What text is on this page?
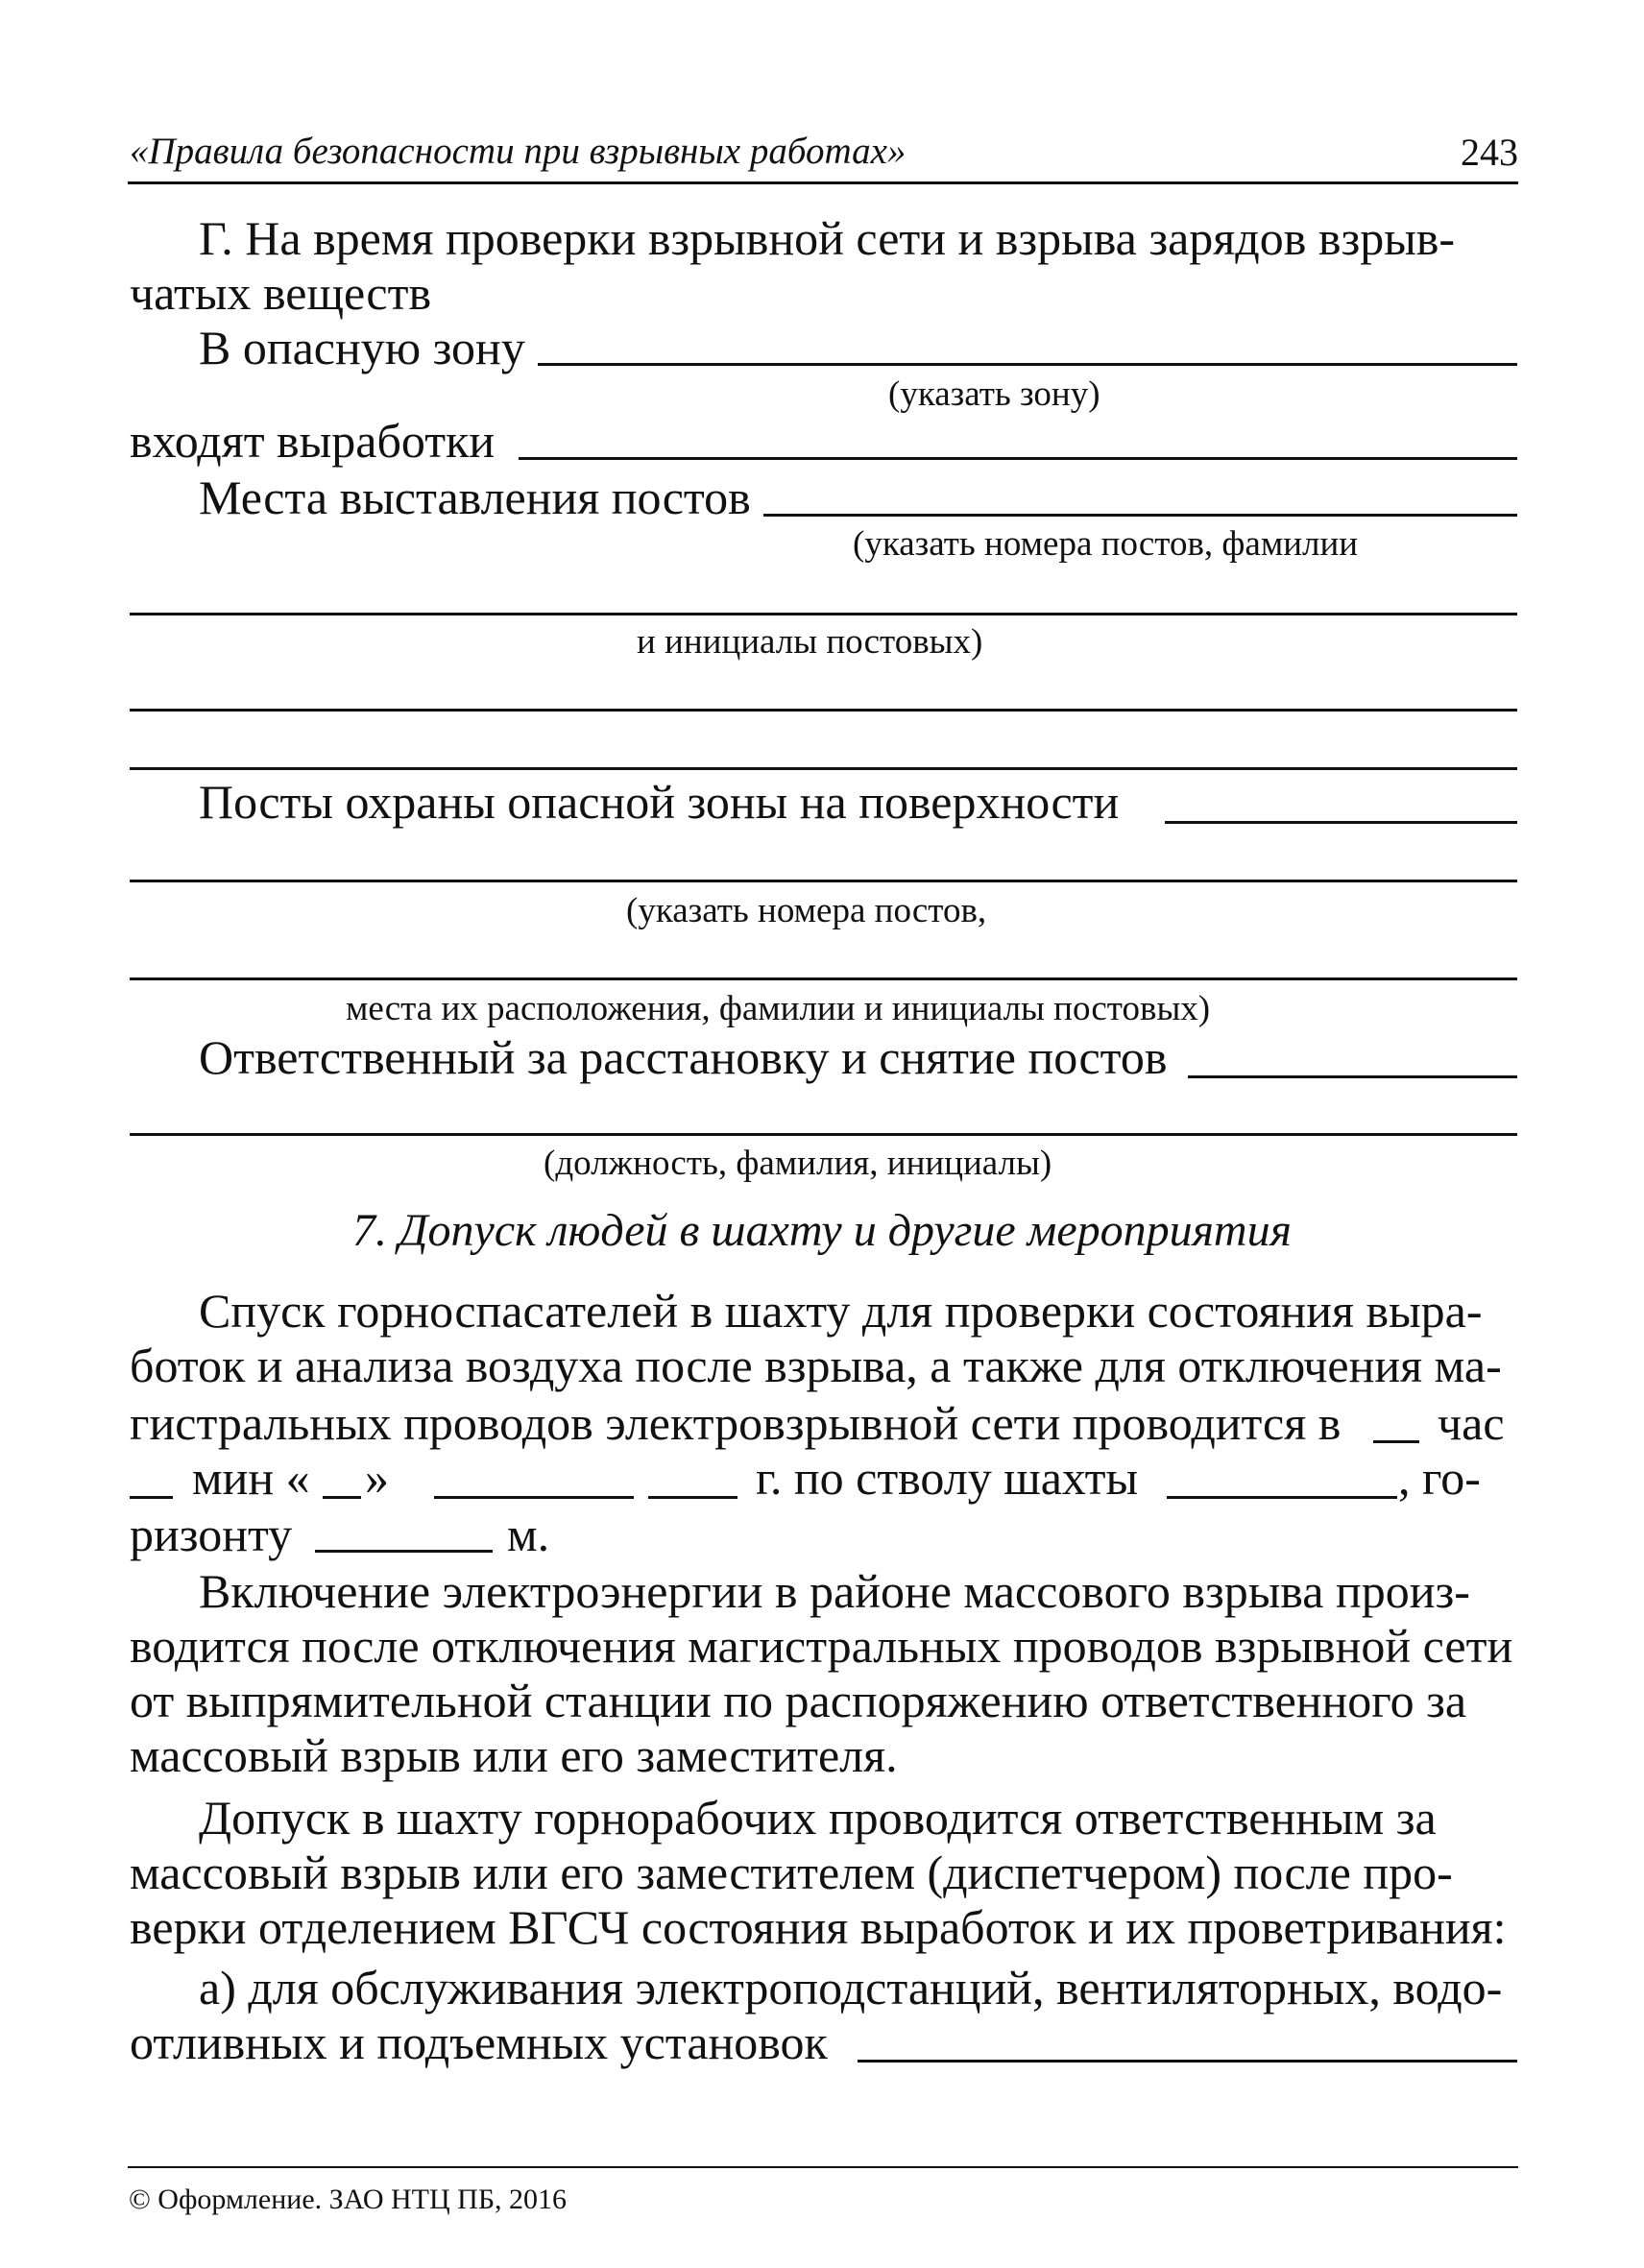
«Правила безопасности при взрывных работах»	243
Г. На время проверки взрывной сети и взрыва зарядов взрыв-
чатых веществ
В опасную зону
(указать зону)
входят выработки
Места выставления постов
(указать номера постов, фамилии
и инициалы постовых)
Посты охраны опасной зоны на поверхности
(указать номера постов,
места их расположения, фамилии и инициалы постовых)
Ответственный за расстановку и снятие постов
(должность, фамилия, инициалы)
7. Допуск людей в шахту и другие мероприятия
Спуск горноспасателей в шахту для проверки состояния выра-
боток и анализа воздуха после взрыва, а также для отключения ма-
гистральных проводов электровзрывной сети проводится в час
мин « »	г. по стволу шахты	, го-
ризонту	м.
Включение электроэнергии в районе массового взрыва произ-
водится после отключения магистральных проводов взрывной сети
от выпрямительной станции по распоряжению ответственного за
массовый взрыв или его заместителя.
Допуск в шахту горнорабочих проводится ответственным за
массовый взрыв или его заместителем (диспетчером) после про-
верки отделением ВГСЧ состояния выработок и их проветривания:
а) для обслуживания электроподстанций, вентиляторных, водо-
отливных и подъемных установок
© Оформление. ЗАО НТЦ ПБ, 2016
